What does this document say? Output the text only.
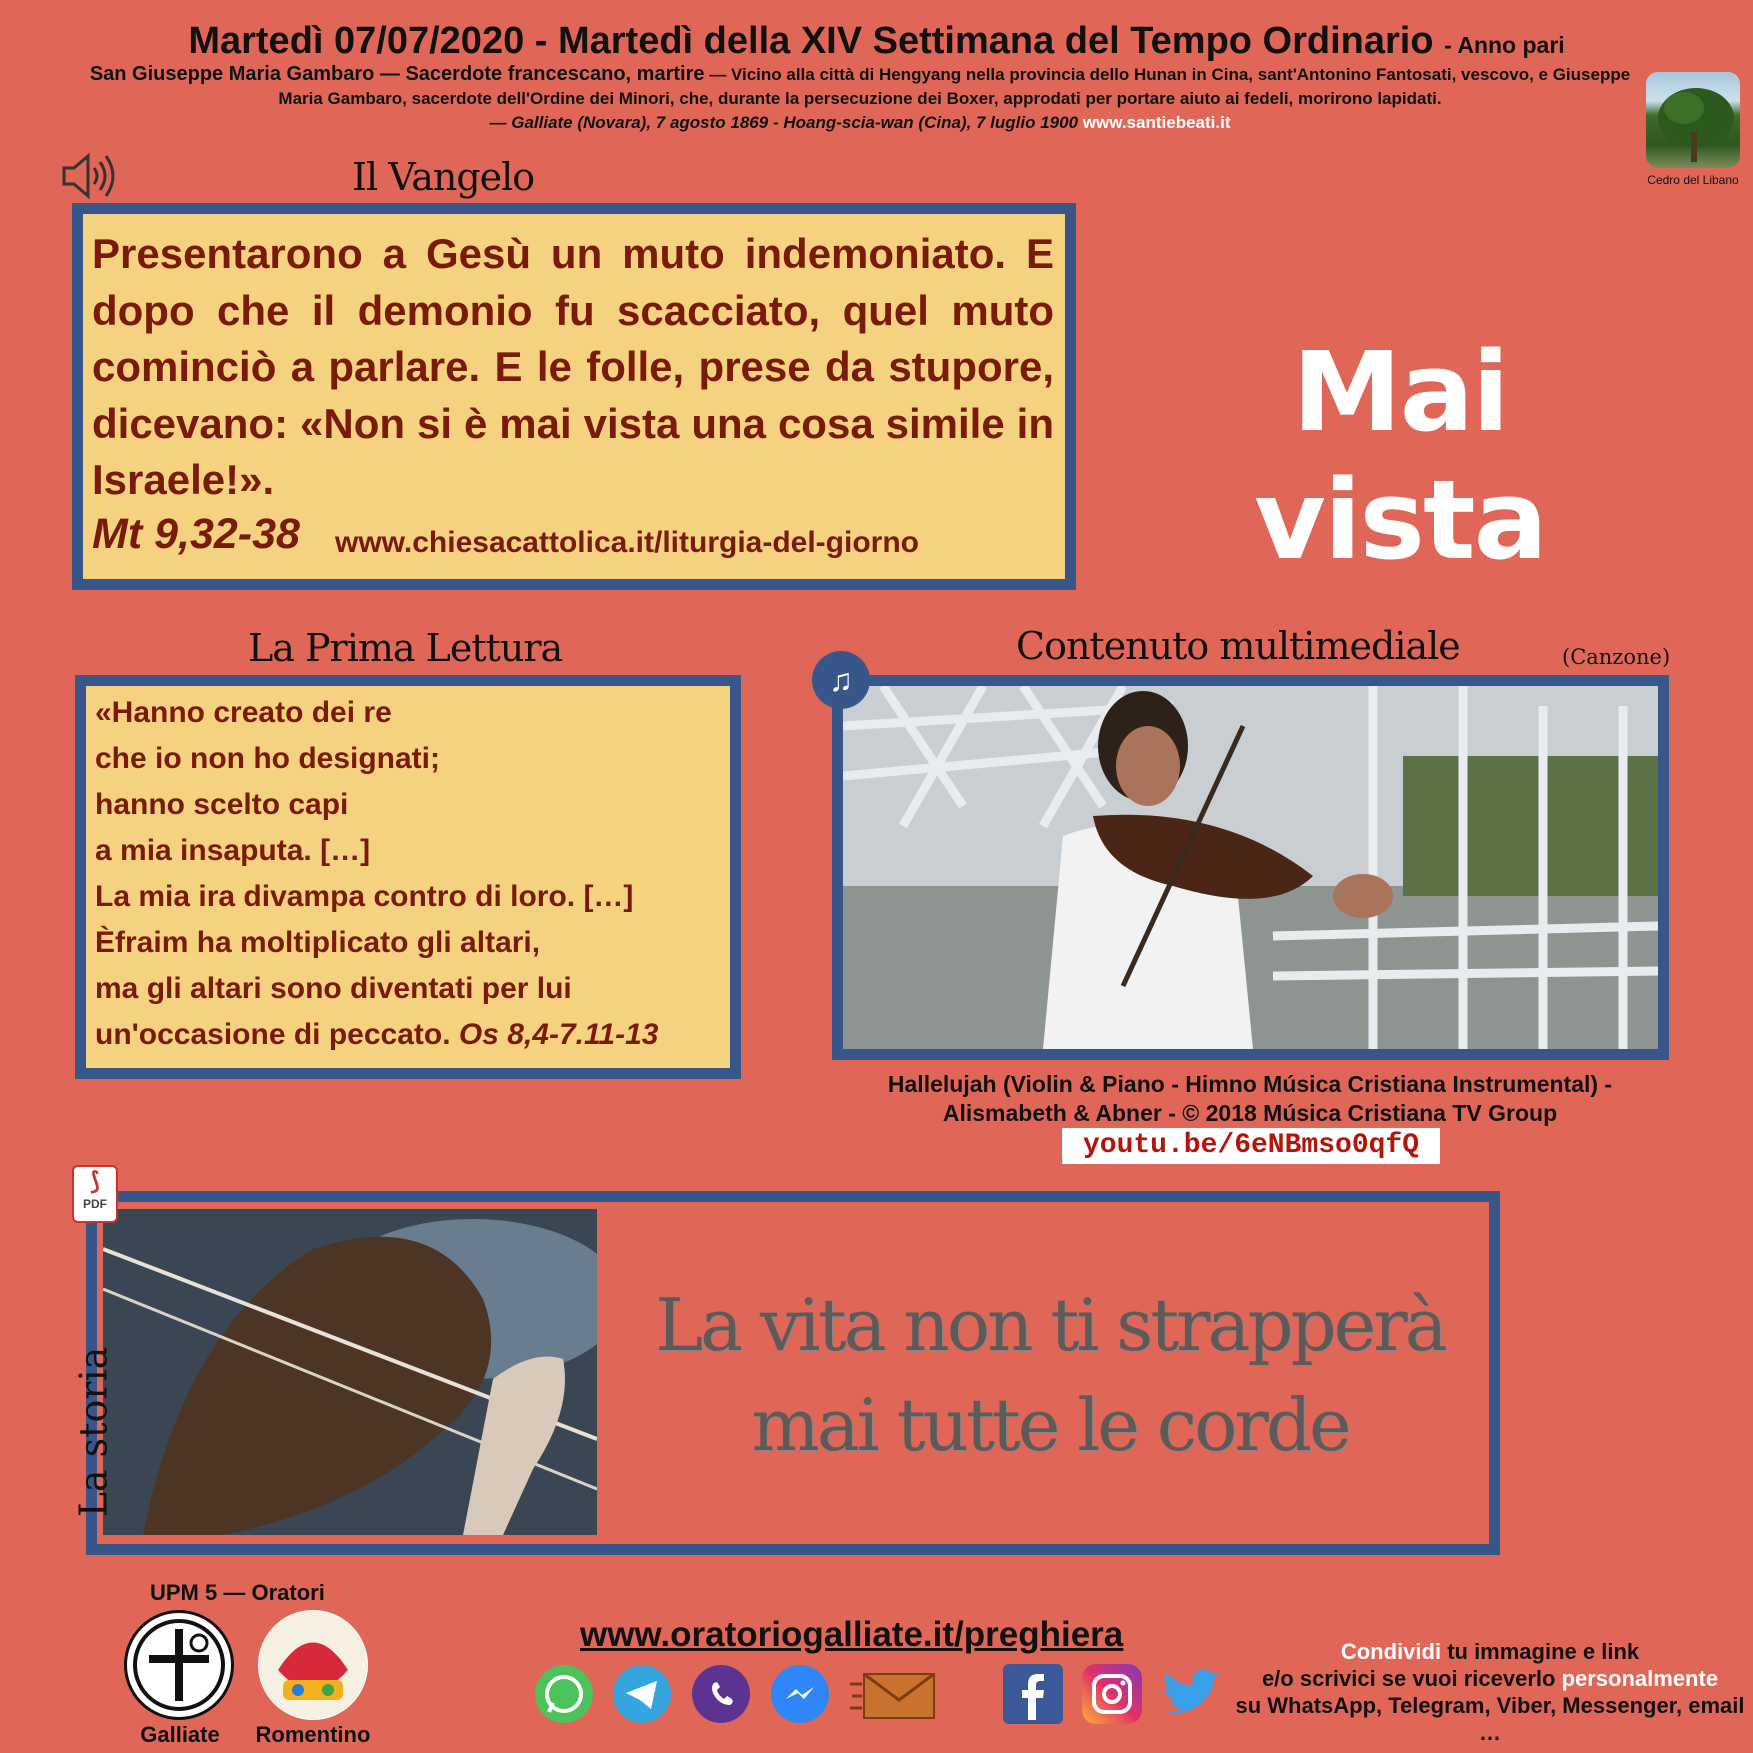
Martedì 07/07/2020 - Martedì della XIV Settimana del Tempo Ordinario - Anno pari
San Giuseppe Maria Gambaro — Sacerdote francescano, martire — Vicino alla città di Hengyang nella provincia dello Hunan in Cina, sant'Antonino Fantosati, vescovo, e Giuseppe Maria Gambaro, sacerdote dell'Ordine dei Minori, che, durante la persecuzione dei Boxer, approdati per portare aiuto ai fedeli, morirono lapidati.
— Galliate (Novara), 7 agosto 1869 - Hoang-scia-wan (Cina), 7 luglio 1900 www.santiebeati.it
Cedro del Libano
Il Vangelo
Presentarono a Gesù un muto indemoniato. E dopo che il demonio fu scacciato, quel muto cominciò a parlare. E le folle, prese da stupore, dicevano: «Non si è mai vista una cosa simile in Israele!».
Mt 9,32-38 www.chiesacattolica.it/liturgia-del-giorno
Mai vista
La Prima Lettura
«Hanno creato dei re
che io non ho designati;
hanno scelto capi
a mia insaputa. […]
La mia ira divampa contro di loro. […]
Èfraim ha moltiplicato gli altari,
ma gli altari sono diventati per lui
un'occasione di peccato. Os 8,4-7.11-13
Contenuto multimediale	(Canzone)
♫
Hallelujah (Violin & Piano - Himno Música Cristiana Instrumental) -
Alismabeth & Abner - © 2018 Música Cristiana TV Group
youtu.be/6eNBmso0qfQ
La vita non ti strapperà
mai tutte le corde
La storia
⟆
PDF
UPM 5 — Oratori
Galliate	Romentino
www.oratoriogalliate.it/preghiera	Condividi tu immagine e link
e/o scrivici se vuoi riceverlo personalmente
su WhatsApp, Telegram, Viber, Messenger, email …
